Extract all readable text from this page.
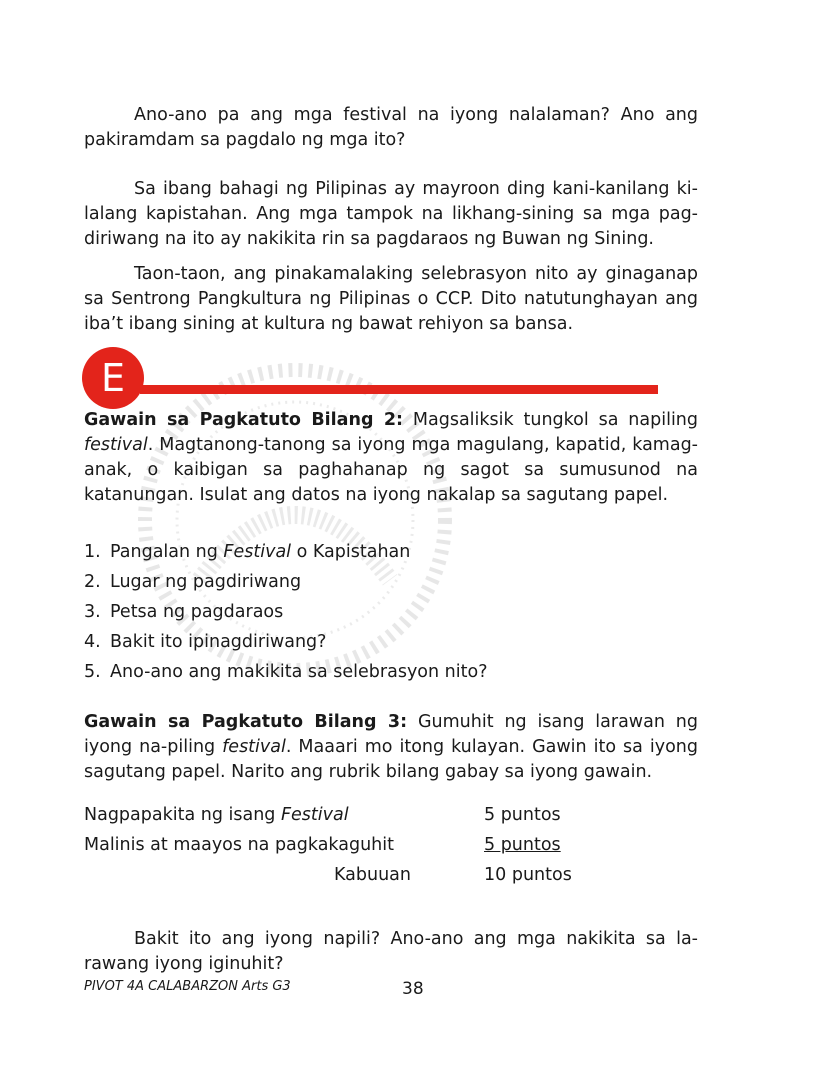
Ano-ano pa ang mga festival na iyong nalalaman? Ano ang pakiramdam sa pagdalo ng mga ito?

Sa ibang bahagi ng Pilipinas ay mayroon ding kani-kanilang ki-lalang kapistahan. Ang mga tampok na likhang-sining sa mga pag-diriwang na ito ay nakikita rin sa pagdaraos ng Buwan ng Sining.

Taon-taon, ang pinakamalaking selebrasyon nito ay ginaganap sa Sentrong Pangkultura ng Pilipinas o CCP. Dito natutunghayan ang iba’t ibang sining at kultura ng bawat rehiyon sa bansa.

E

Gawain sa Pagkatuto Bilang 2: Magsaliksik tungkol sa napiling festival. Magtanong-tanong sa iyong mga magulang, kapatid, kamag-anak, o kaibigan sa paghahanap ng sagot sa sumusunod na katanungan. Isulat ang datos na iyong nakalap sa sagutang papel.

1. Pangalan ng Festival o Kapistahan
2. Lugar ng pagdiriwang
3. Petsa ng pagdaraos
4. Bakit ito ipinagdiriwang?
5. Ano-ano ang makikita sa selebrasyon nito?

Gawain sa Pagkatuto Bilang 3: Gumuhit ng isang larawan ng iyong na-piling festival. Maaari mo itong kulayan. Gawin ito sa iyong sagutang papel. Narito ang rubrik bilang gabay sa iyong gawain.

Nagpapakita ng isang Festival	5 puntos
Malinis at maayos na pagkakaguhit	5 puntos
Kabuuan	10 puntos

Bakit ito ang iyong napili? Ano-ano ang mga nakikita sa la-rawang iyong iginuhit?

PIVOT 4A CALABARZON Arts G3	38
